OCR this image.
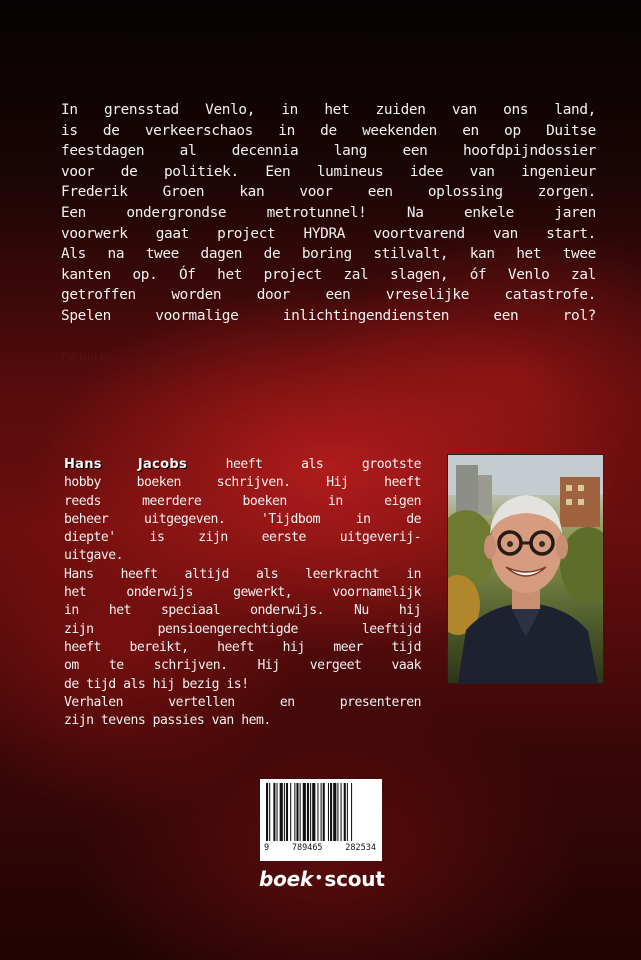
In grensstad Venlo, in het zuiden van ons land,
is de verkeerschaos in de weekenden en op Duitse
feestdagen al decennia lang een hoofdpijndossier
voor de politiek. Een lumineus idee van ingenieur
Frederik Groen kan voor een oplossing zorgen.
Een ondergrondse metrotunnel! Na enkele jaren
voorwerk gaat project HYDRA voortvarend van start.
Als na twee dagen de boring stilvalt, kan het twee
kanten op. Óf het project zal slagen, óf Venlo zal
getroffen worden door een vreselijke catastrofe.
Spelen voormalige inlichtingendiensten een rol?

De tijd tikt door.

Hans Jacobs heeft als grootste
hobby boeken schrijven. Hij heeft
reeds meerdere boeken in eigen
beheer uitgegeven. 'Tijdbom in de
diepte' is zijn eerste uitgeverij-
uitgave.
Hans heeft altijd als leerkracht in
het onderwijs gewerkt, voornamelijk
in het speciaal onderwijs. Nu hij
zijn pensioengerechtigde leeftijd
heeft bereikt, heeft hij meer tijd
om te schrijven. Hij vergeet vaak
de tijd als hij bezig is!
Verhalen vertellen en presenteren
zijn tevens passies van hem.
9	789465	282534
boek•scout
